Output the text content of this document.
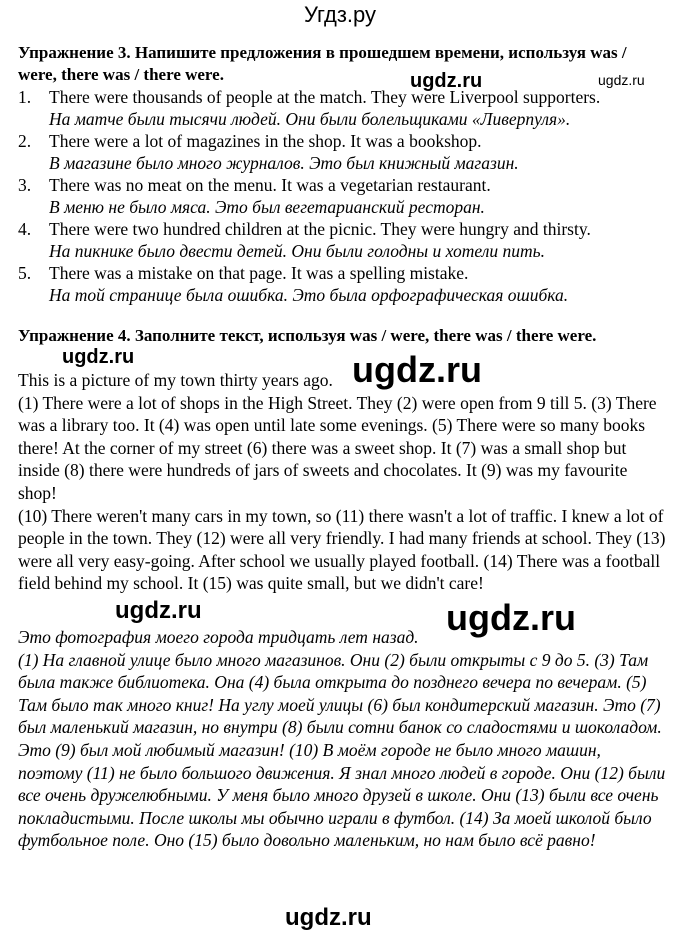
Угдз.ру
ugdz.ru	ugdz.ru
Упражнение 3. Напишите предложения в прошедшем времени, используя was / were, there was / there were.
1. There were thousands of people at the match. They were Liverpool supporters.
На матче были тысячи людей. Они были болельщиками «Ливерпуля».
2. There were a lot of magazines in the shop. It was a bookshop.
В магазине было много журналов. Это был книжный магазин.
3. There was no meat on the menu. It was a vegetarian restaurant.
В меню не было мяса. Это был вегетарианский ресторан.
4. There were two hundred children at the picnic. They were hungry and thirsty.
На пикнике было двести детей. Они были голодны и хотели пить.
5. There was a mistake on that page. It was a spelling mistake.
На той странице была ошибка. Это была орфографическая ошибка.
Упражнение 4. Заполните текст, используя was / were, there was / there were.
ugdz.ru	ugdz.ru

This is a picture of my town thirty years ago.
(1) There were a lot of shops in the High Street. They (2) were open from 9 till 5. (3) There was a library too. It (4) was open until late some evenings. (5) There were so many books there! At the corner of my street (6) there was a sweet shop. It (7) was a small shop but inside (8) there were hundreds of jars of sweets and chocolates. It (9) was my favourite shop!
(10) There weren't many cars in my town, so (11) there wasn't a lot of traffic. I knew a lot of people in the town. They (12) were all very friendly. I had many friends at school. They (13) were all very easy-going. After school we usually played football. (14) There was a football field behind my school. It (15) was quite small, but we didn't care!

ugdz.ru	ugdz.ru

Это фотография моего города тридцать лет назад.
(1) На главной улице было много магазинов. Они (2) были открыты с 9 до 5. (3) Там была также библиотека. Она (4) была открыта до позднего вечера по вечерам. (5) Там было так много книг! На углу моей улицы (6) был кондитерский магазин. Это (7) был маленький магазин, но внутри (8) были сотни банок со сладостями и шоколадом. Это (9) был мой любимый магазин! (10) В моём городе не было много машин, поэтому (11) не было большого движения. Я знал много людей в городе. Они (12) были все очень дружелюбными. У меня было много друзей в школе. Они (13) были все очень покладистыми. После школы мы обычно играли в футбол. (14) За моей школой было футбольное поле. Оно (15) было довольно маленьким, но нам было всё равно!

ugdz.ru
